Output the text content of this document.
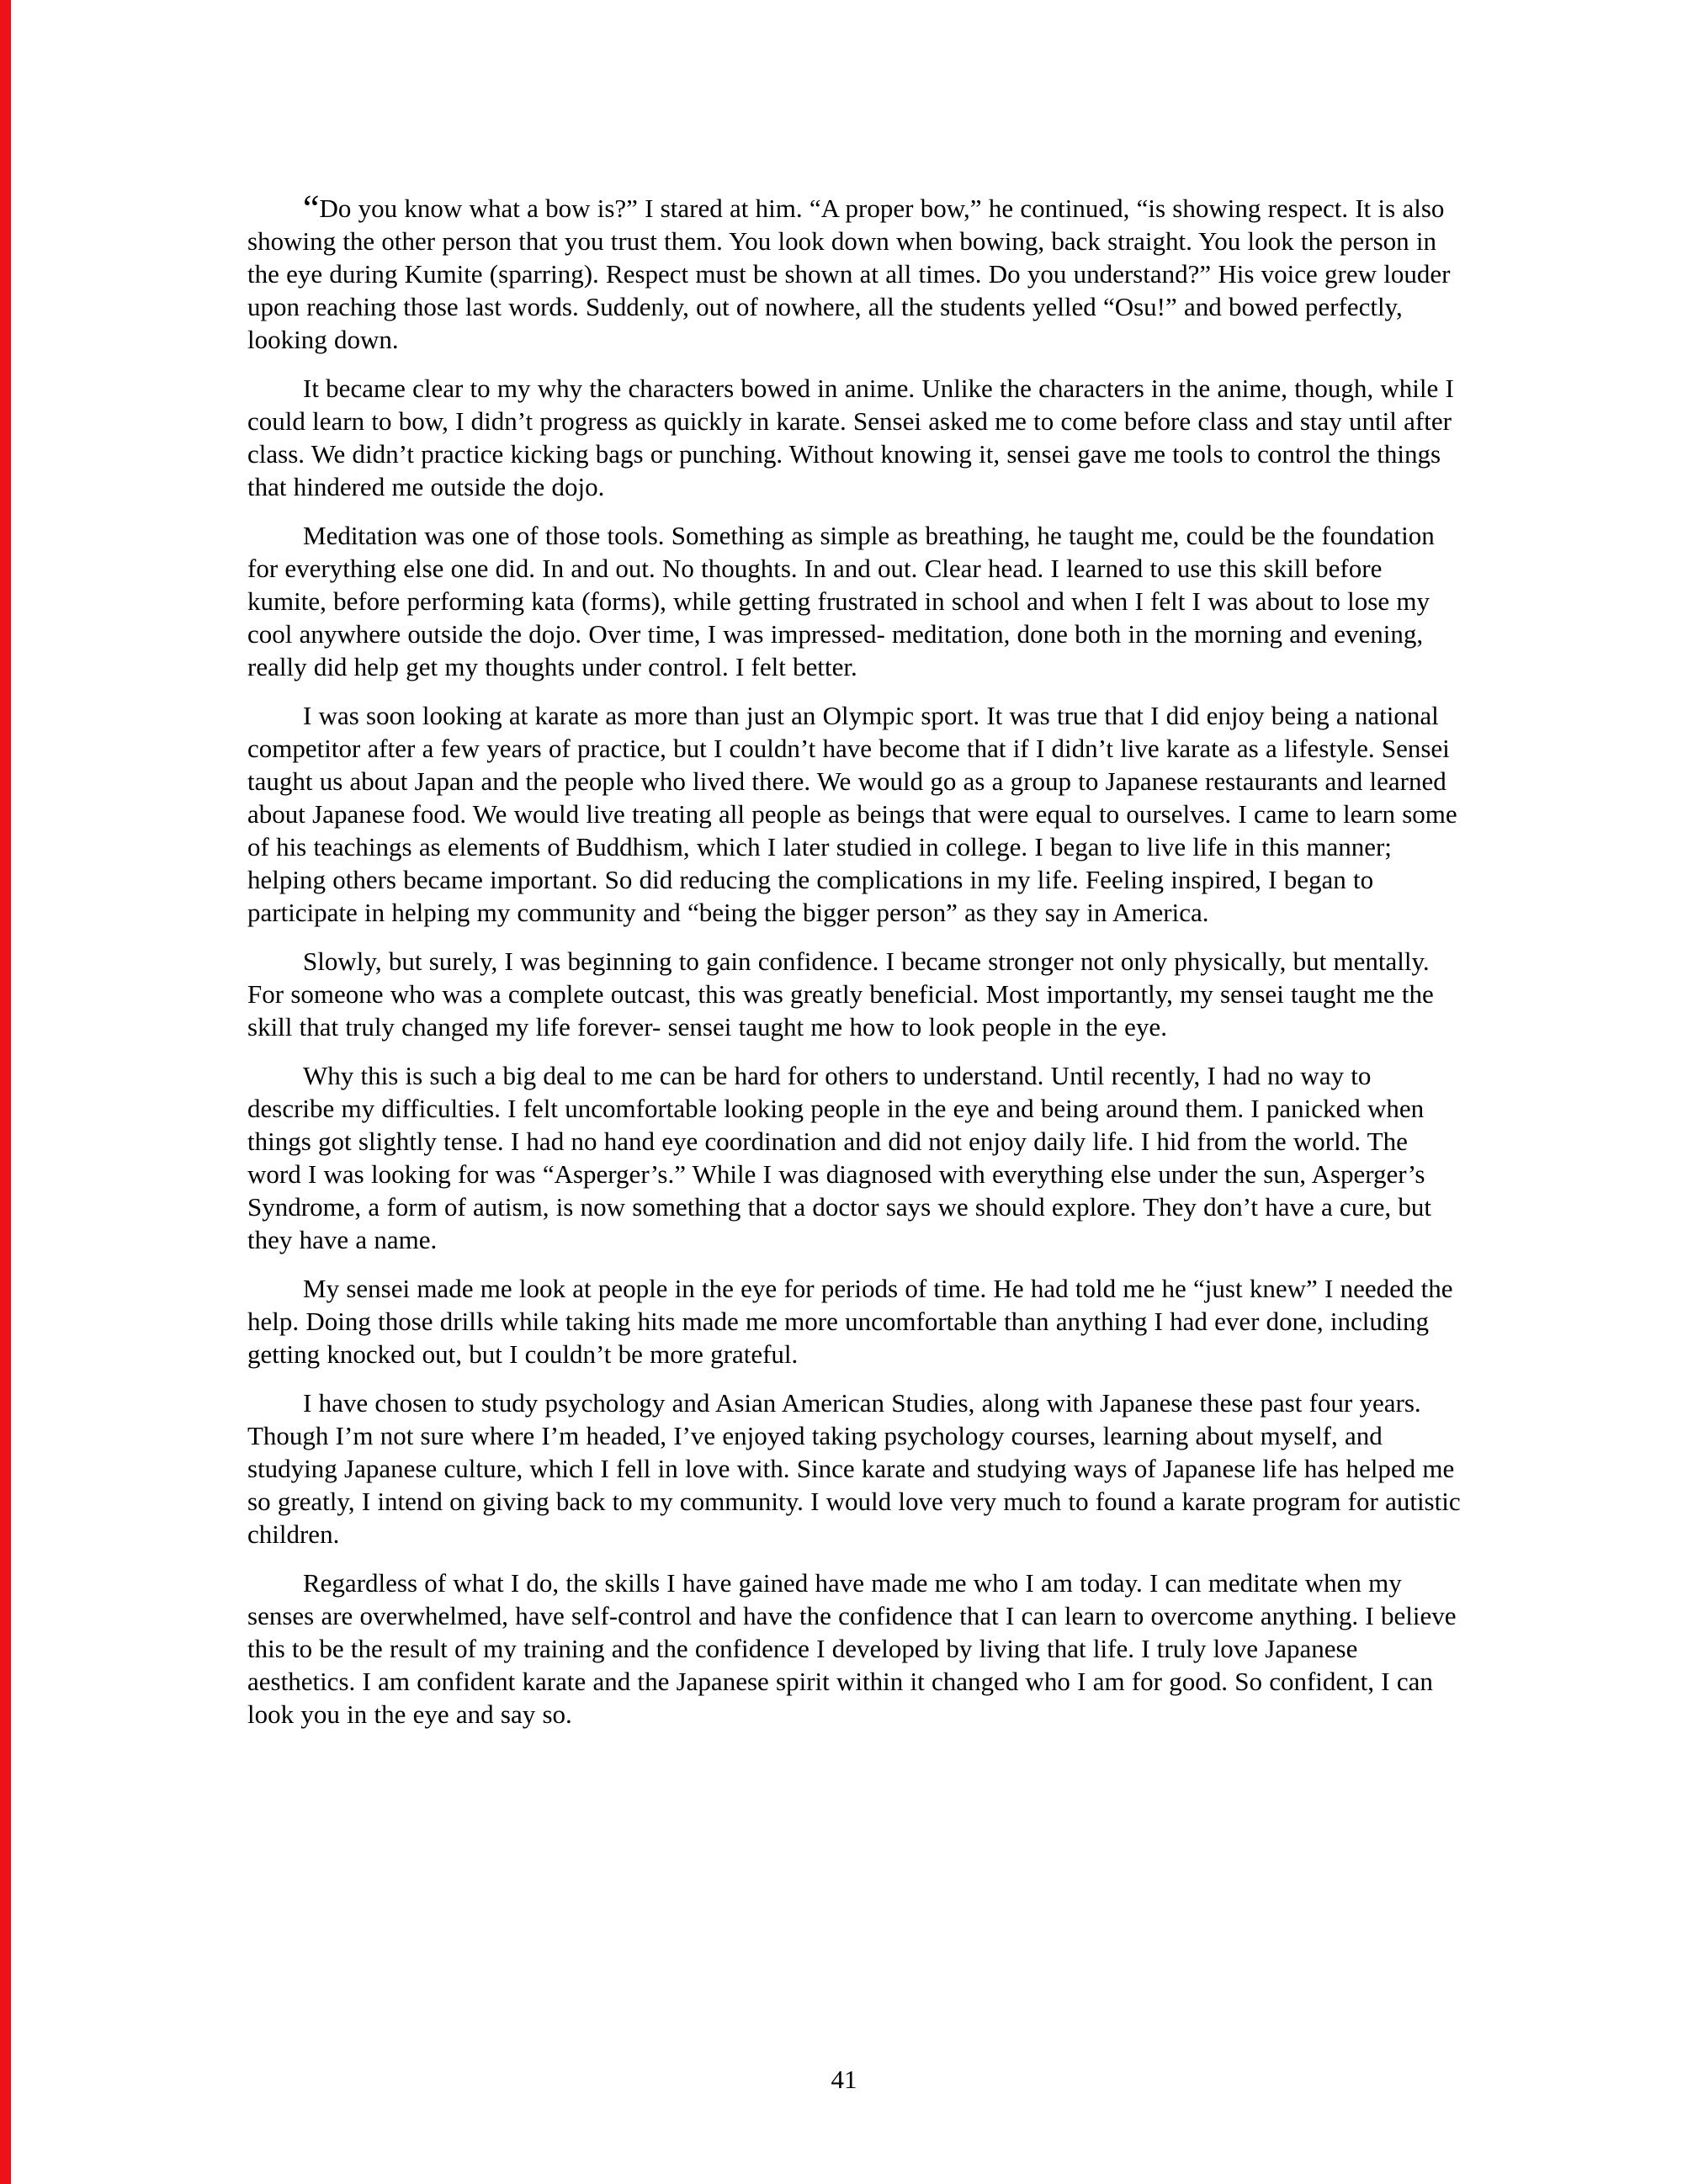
“Do you know what a bow is?” I stared at him. “A proper bow,” he continued, “is showing respect. It is also showing the other person that you trust them. You look down when bowing, back straight. You look the person in the eye during Kumite (sparring). Respect must be shown at all times. Do you understand?” His voice grew louder upon reaching those last words. Suddenly, out of nowhere, all the students yelled “Osu!” and bowed perfectly, looking down.

It became clear to my why the characters bowed in anime. Unlike the characters in the anime, though, while I could learn to bow, I didn’t progress as quickly in karate. Sensei asked me to come before class and stay until after class. We didn’t practice kicking bags or punching. Without knowing it, sensei gave me tools to control the things that hindered me outside the dojo.

Meditation was one of those tools. Something as simple as breathing, he taught me, could be the foundation for everything else one did. In and out. No thoughts. In and out. Clear head. I learned to use this skill before kumite, before performing kata (forms), while getting frustrated in school and when I felt I was about to lose my cool anywhere outside the dojo. Over time, I was impressed- meditation, done both in the morning and evening, really did help get my thoughts under control. I felt better.

I was soon looking at karate as more than just an Olympic sport. It was true that I did enjoy being a national competitor after a few years of practice, but I couldn’t have become that if I didn’t live karate as a lifestyle. Sensei taught us about Japan and the people who lived there. We would go as a group to Japanese restaurants and learned about Japanese food. We would live treating all people as beings that were equal to ourselves. I came to learn some of his teachings as elements of Buddhism, which I later studied in college. I began to live life in this manner; helping others became important. So did reducing the complications in my life. Feeling inspired, I began to participate in helping my community and “being the bigger person” as they say in America.

Slowly, but surely, I was beginning to gain confidence. I became stronger not only physically, but mentally. For someone who was a complete outcast, this was greatly beneficial. Most importantly, my sensei taught me the skill that truly changed my life forever- sensei taught me how to look people in the eye.

Why this is such a big deal to me can be hard for others to understand. Until recently, I had no way to describe my difficulties. I felt uncomfortable looking people in the eye and being around them. I panicked when things got slightly tense. I had no hand eye coordination and did not enjoy daily life. I hid from the world. The word I was looking for was “Asperger’s.” While I was diagnosed with everything else under the sun, Asperger’s Syndrome, a form of autism, is now something that a doctor says we should explore. They don’t have a cure, but they have a name.

My sensei made me look at people in the eye for periods of time. He had told me he “just knew” I needed the help. Doing those drills while taking hits made me more uncomfortable than anything I had ever done, including getting knocked out, but I couldn’t be more grateful.

I have chosen to study psychology and Asian American Studies, along with Japanese these past four years. Though I’m not sure where I’m headed, I’ve enjoyed taking psychology courses, learning about myself, and studying Japanese culture, which I fell in love with. Since karate and studying ways of Japanese life has helped me so greatly, I intend on giving back to my community. I would love very much to found a karate program for autistic children.

Regardless of what I do, the skills I have gained have made me who I am today. I can meditate when my senses are overwhelmed, have self-control and have the confidence that I can learn to overcome anything. I believe this to be the result of my training and the confidence I developed by living that life. I truly love Japanese aesthetics. I am confident karate and the Japanese spirit within it changed who I am for good. So confident, I can look you in the eye and say so.

41
